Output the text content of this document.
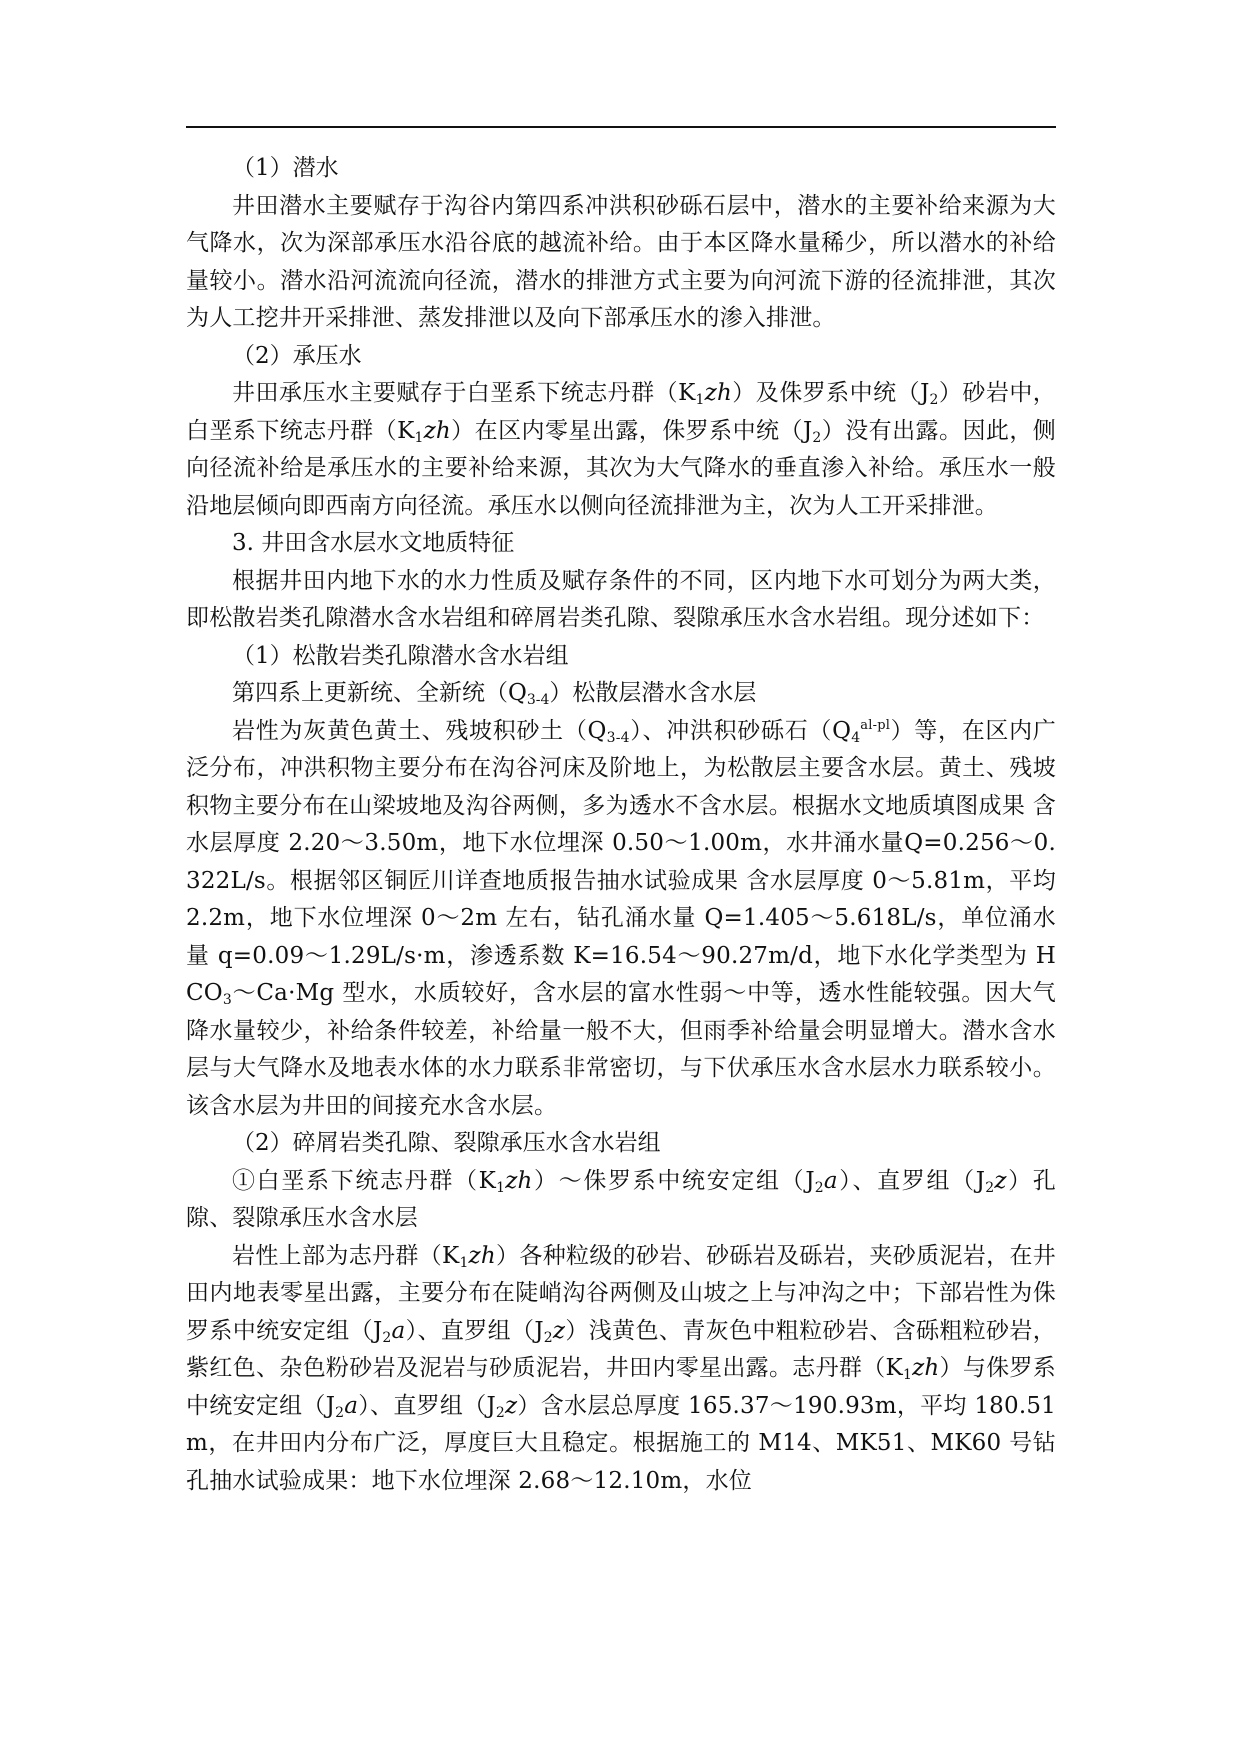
（1）潜水

井田潜水主要赋存于沟谷内第四系冲洪积砂砾石层中，潜水的主要补给来源为大气降水，次为深部承压水沿谷底的越流补给。由于本区降水量稀少，所以潜水的补给量较小。潜水沿河流流向径流，潜水的排泄方式主要为向河流下游的径流排泄，其次为人工挖井开采排泄、蒸发排泄以及向下部承压水的渗入排泄。

（2）承压水

井田承压水主要赋存于白垩系下统志丹群$(K_1zh)$及侏罗系中统$(J_2)$砂岩中，白垩系下统志丹群$(K_1zh)$在区内零星出露，侏罗系中统$(J_2)$没有出露。因此，侧向径流补给是承压水的主要补给来源，其次为大气降水的垂直渗入补给。承压水一般沿地层倾向即西南方向径流。承压水以侧向径流排泄为主，次为人工开采排泄。

3. 井田含水层水文地质特征

根据井田内地下水的水力性质及赋存条件的不同，区内地下水可划分为两大类，即松散岩类孔隙潜水含水岩组和碎屑岩类孔隙、裂隙承压水含水岩组。现分述如下：

（1）松散岩类孔隙潜水含水岩组

第四系上更新统、全新统$(Q_{3-4})$松散层潜水含水层

岩性为灰黄色黄土、残坡积砂土$(Q_{3-4})$、冲洪积砂砾石$(Q_4^{al-pl})$等，在区内广泛分布，冲洪积物主要分布在沟谷河床及阶地上，为松散层主要含水层。黄土、残坡积物主要分布在山梁坡地及沟谷两侧，多为透水不含水层。根据水文地质填图成果 含水层厚度 2.20～3.50m，地下水位埋深 0.50～1.00m，水井涌水量Q=0.256～0.322L/s。根据邻区铜匠川详查地质报告抽水试验成果 含水层厚度 0～5.81m，平均 2.2m，地下水位埋深 0～2m 左右，钻孔涌水量 Q=1.405～5.618L/s，单位涌水量 q=0.09～1.29L/s·m，渗透系数 K=16.54～90.27m/d，地下水化学类型为 $HCO_3\sim Ca\cdot Mg$ 型水，水质较好，含水层的富水性弱～中等，透水性能较强。因大气降水量较少，补给条件较差，补给量一般不大，但雨季补给量会明显增大。潜水含水层与大气降水及地表水体的水力联系非常密切，与下伏承压水含水层水力联系较小。该含水层为井田的间接充水含水层。

（2）碎屑岩类孔隙、裂隙承压水含水岩组

①白垩系下统志丹群$(K_1zh)\sim$侏罗系中统安定组$(J_2a)$、直罗组$(J_2z)$孔隙、裂隙承压水含水层

岩性上部为志丹群$(K_1zh)$各种粒级的砂岩、砂砾岩及砾岩，夹砂质泥岩，在井田内地表零星出露，主要分布在陡峭沟谷两侧及山坡之上与冲沟之中；下部岩性为侏罗系中统安定组$(J_2a)$、直罗组$(J_2z)$浅黄色、青灰色中粗粒砂岩、含砾粗粒砂岩，紫红色、杂色粉砂岩及泥岩与砂质泥岩，井田内零星出露。志丹群$(K_1zh)$与侏罗系中统安定组$(J_2a)$、直罗组$(J_2z)$含水层总厚度 165.37～190.93m，平均 180.51m，在井田内分布广泛，厚度巨大且稳定。根据施工的 M14、MK51、MK60 号钻孔抽水试验成果：地下水位埋深 2.68～12.10m，水位
